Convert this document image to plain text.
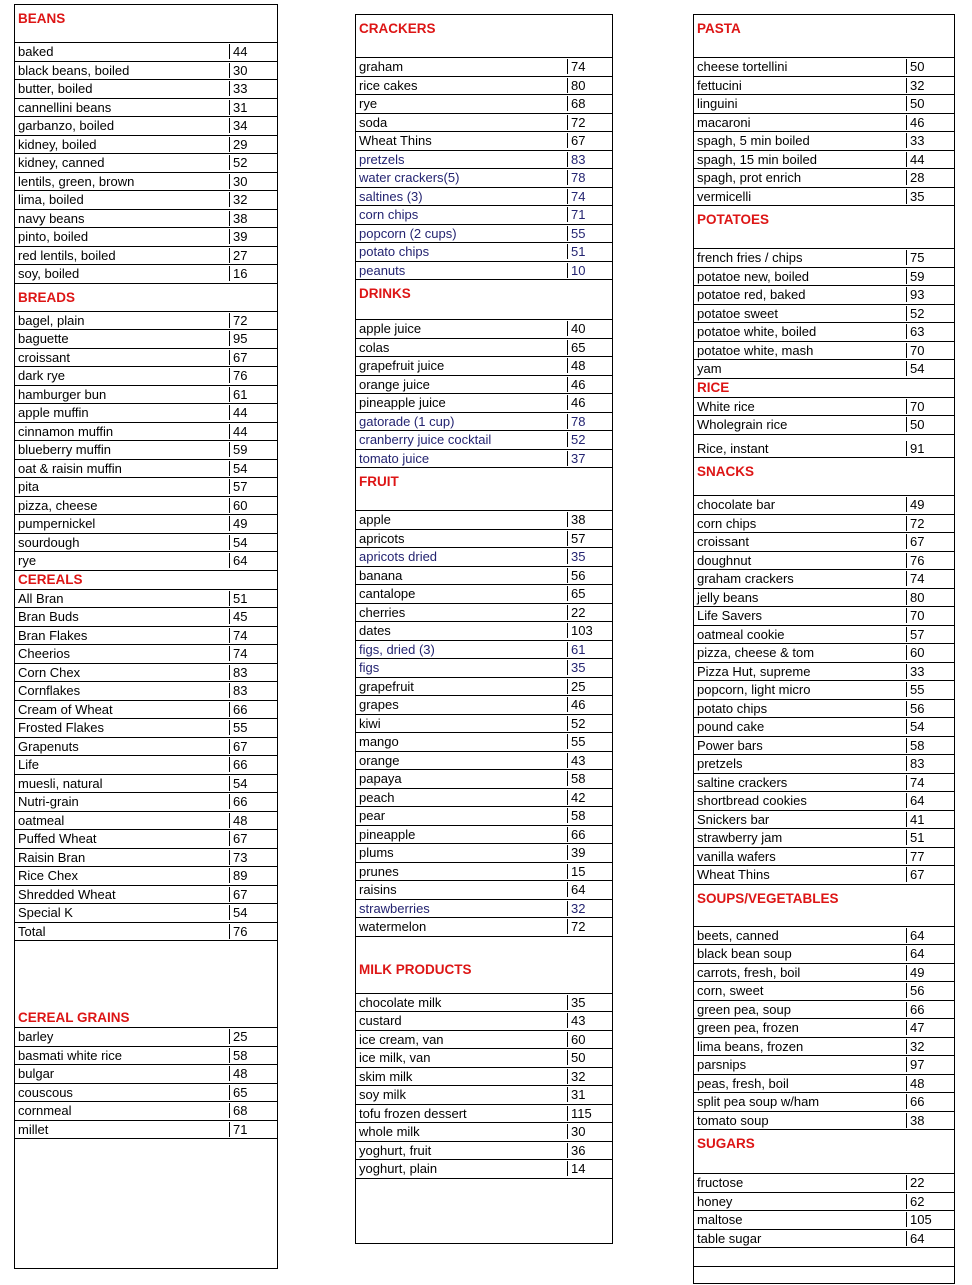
BEANS
baked	44
black beans, boiled	30
butter, boiled	33
cannellini beans	31
garbanzo, boiled	34
kidney, boiled	29
kidney, canned	52
lentils, green, brown	30
lima, boiled	32
navy beans	38
pinto, boiled	39
red lentils, boiled	27
soy, boiled	16
BREADS
bagel, plain	72
baguette	95
croissant	67
dark rye	76
hamburger bun	61
apple muffin	44
cinnamon muffin	44
blueberry muffin	59
oat & raisin muffin	54
pita	57
pizza, cheese	60
pumpernickel	49
sourdough	54
rye	64
CEREALS
All Bran	51
Bran Buds	45
Bran Flakes	74
Cheerios	74
Corn Chex	83
Cornflakes	83
Cream of Wheat	66
Frosted Flakes	55
Grapenuts	67
Life	66
muesli, natural	54
Nutri-grain	66
oatmeal	48
Puffed Wheat	67
Raisin Bran	73
Rice Chex	89
Shredded Wheat	67
Special K	54
Total	76
CEREAL GRAINS
barley	25
basmati white rice	58
bulgar	48
couscous	65
cornmeal	68
millet	71
CRACKERS
graham	74
rice cakes	80
rye	68
soda	72
Wheat Thins	67
pretzels	83
water crackers(5)	78
saltines (3)	74
corn chips	71
popcorn (2 cups)	55
potato chips	51
peanuts	10
DRINKS
apple juice	40
colas	65
grapefruit juice	48
orange juice	46
pineapple juice	46
gatorade (1 cup)	78
cranberry juice cocktail	52
tomato juice	37
FRUIT
apple	38
apricots	57
apricots dried	35
banana	56
cantalope	65
cherries	22
dates	103
figs, dried (3)	61
figs	35
grapefruit	25
grapes	46
kiwi	52
mango	55
orange	43
papaya	58
peach	42
pear	58
pineapple	66
plums	39
prunes	15
raisins	64
strawberries	32
watermelon	72
MILK PRODUCTS
chocolate milk	35
custard	43
ice cream, van	60
ice milk, van	50
skim milk	32
soy milk	31
tofu frozen dessert	115
whole milk	30
yoghurt, fruit	36
yoghurt, plain	14
PASTA
cheese tortellini	50
fettucini	32
linguini	50
macaroni	46
spagh, 5 min boiled	33
spagh, 15 min boiled	44
spagh, prot enrich	28
vermicelli	35
POTATOES
french fries / chips	75
potatoe new, boiled	59
potatoe red, baked	93
potatoe sweet	52
potatoe white, boiled	63
potatoe white, mash	70
yam	54
RICE
White rice	70
Wholegrain rice	50
Rice, instant	91
SNACKS
chocolate bar	49
corn chips	72
croissant	67
doughnut	76
graham crackers	74
jelly beans	80
Life Savers	70
oatmeal cookie	57
pizza, cheese & tom	60
Pizza Hut, supreme	33
popcorn, light micro	55
potato chips	56
pound cake	54
Power bars	58
pretzels	83
saltine crackers	74
shortbread cookies	64
Snickers bar	41
strawberry jam	51
vanilla wafers	77
Wheat Thins	67
SOUPS/VEGETABLES
beets, canned	64
black bean soup	64
carrots, fresh, boil	49
corn, sweet	56
green pea, soup	66
green pea, frozen	47
lima beans, frozen	32
parsnips	97
peas, fresh, boil	48
split pea soup w/ham	66
tomato soup	38
SUGARS
fructose	22
honey	62
maltose	105
table sugar	64
